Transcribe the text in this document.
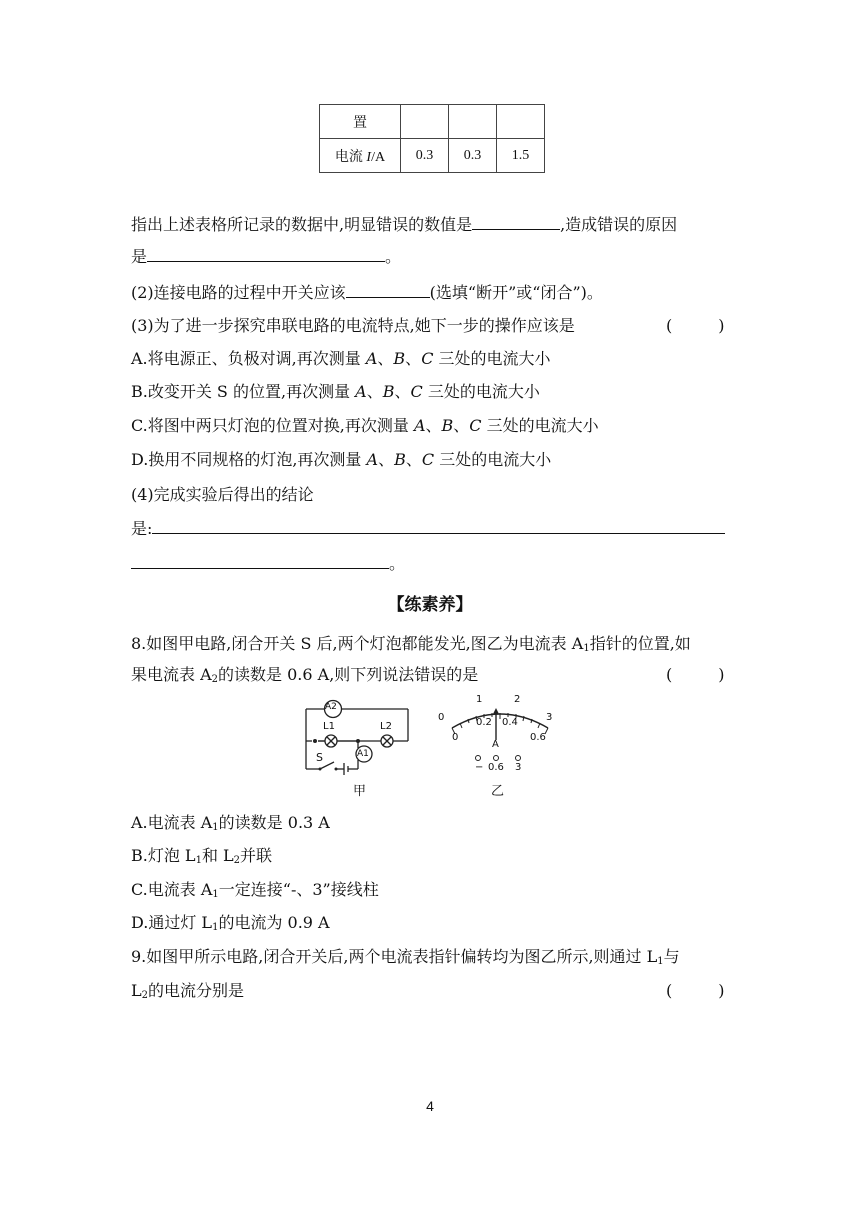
置			
电流 I/A	0.3	0.3	1.5
指出上述表格所记录的数据中,明显错误的数值是	,造成错误的原因
是	。
(2)连接电路的过程中开关应该	(选填“断开”或“闭合”)。
(3)为了进一步探究串联电路的电流特点,她下一步的操作应该是	(	)
A.将电源正、负极对调,再次测量 A、B、C 三处的电流大小
B.改变开关 S 的位置,再次测量 A、B、C 三处的电流大小
C.将图中两只灯泡的位置对换,再次测量 A、B、C 三处的电流大小
D.换用不同规格的灯泡,再次测量 A、B、C 三处的电流大小
(4)完成实验后得出的结论
是:
。
【练素养】
8.如图甲电路,闭合开关 S 后,两个灯泡都能发光,图乙为电流表 $A_1$指针的位置,如
果电流表 $A_2$的读数是 0.6 A,则下列说法错误的是	(	)
A2
A1
L1	L2
S
甲
0
1	2
3
0
0.2 0.4
0.6
A
− 0.6 3
乙
A.电流表 $A_1$的读数是 0.3 A
B.灯泡 $L_1$和 $L_2$并联
C.电流表 $A_1$一定连接“-、3”接线柱
D.通过灯 $L_1$的电流为 0.9 A
9.如图甲所示电路,闭合开关后,两个电流表指针偏转均为图乙所示,则通过 $L_1$与
$L_2$的电流分别是	(	)
4
